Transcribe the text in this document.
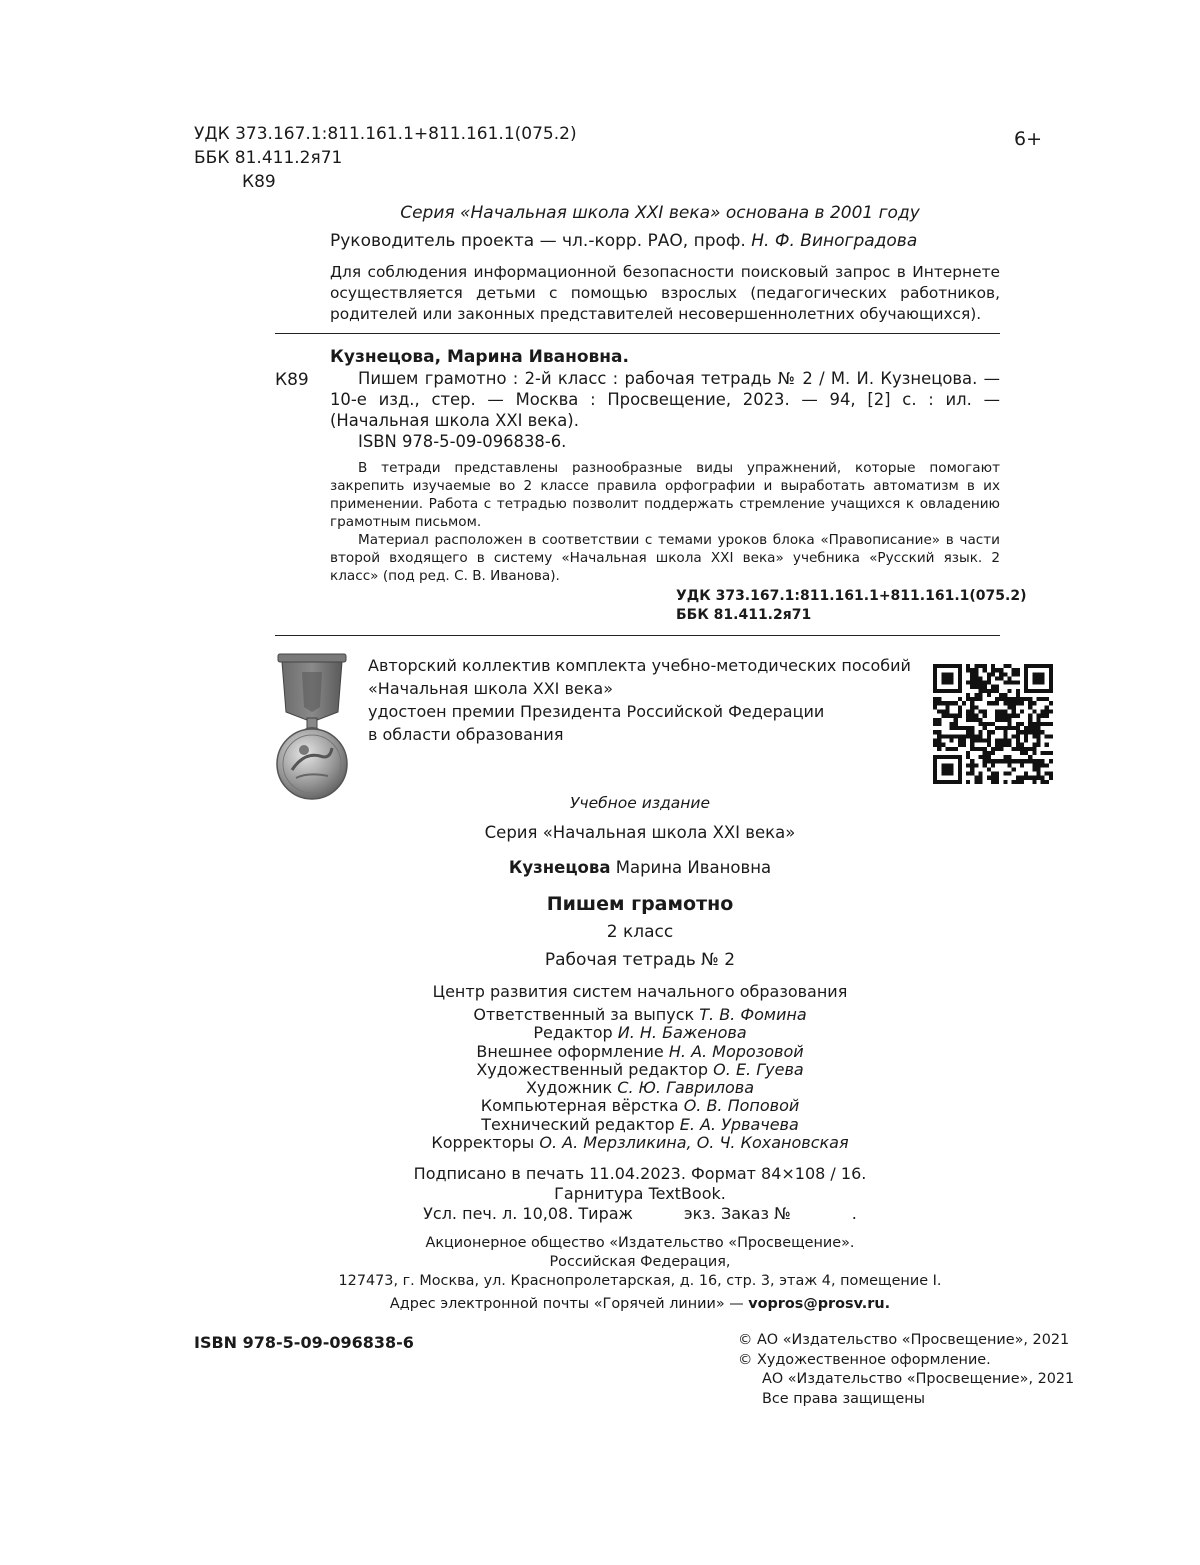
УДК 373.167.1:811.161.1+811.161.1(075.2)
ББК 81.411.2я71
К89
6+
Серия «Начальная школа XXI века» основана в 2001 году
Руководитель проекта — чл.-корр. РАО, проф. Н. Ф. Виноградова
Для соблюдения информационной безопасности поисковый запрос в Интернете осуществляется детьми с помощью взрослых (педагогических работников, родителей или законных представителей несовершеннолетних обучающихся).
К89
Кузнецова, Марина Ивановна.
Пишем грамотно : 2-й класс : рабочая тетрадь № 2 / М. И. Кузнецова. —
10-е изд., стер. — Москва : Просвещение, 2023. — 94, [2] с. : ил. —
(Начальная школа XXI века).
ISBN 978-5-09-096838-6.
В тетради представлены разнообразные виды упражнений, которые помогают закрепить изучаемые во 2 классе правила орфографии и выработать автоматизм в их применении. Работа с тетрадью позволит поддержать стремление учащихся к овладению грамотным письмом.
Материал расположен в соответствии с темами уроков блока «Правописание» в части второй входящего в систему «Начальная школа XXI века» учебника «Русский язык. 2 класс» (под ред. С. В. Иванова).
УДК 373.167.1:811.161.1+811.161.1(075.2)
ББК 81.411.2я71
Авторский коллектив комплекта учебно-методических пособий
«Начальная школа XXI века»
удостоен премии Президента Российской Федерации
в области образования
Учебное издание
Серия «Начальная школа XXI века»
Кузнецова Марина Ивановна
Пишем грамотно
2 класс
Рабочая тетрадь № 2
Центр развития систем начального образования
Ответственный за выпуск Т. В. Фомина
Редактор И. Н. Баженова
Внешнее оформление Н. А. Морозовой
Художественный редактор О. Е. Гуева
Художник С. Ю. Гаврилова
Компьютерная вёрстка О. В. Поповой
Технический редактор Е. А. Урвачева
Корректоры О. А. Мерзликина, О. Ч. Кохановская
Подписано в печать 11.04.2023. Формат 84×108 / 16.
Гарнитура TextBook.
Усл. печ. л. 10,08. Тираж          экз. Заказ №            .
Акционерное общество «Издательство «Просвещение».
Российская Федерация,
127473, г. Москва, ул. Краснопролетарская, д. 16, стр. 3, этаж 4, помещение I.
Адрес электронной почты «Горячей линии» — vopros@prosv.ru.
ISBN 978-5-09-096838-6	© АО «Издательство «Просвещение», 2021
© Художественное оформление.
АО «Издательство «Просвещение», 2021
Все права защищены
